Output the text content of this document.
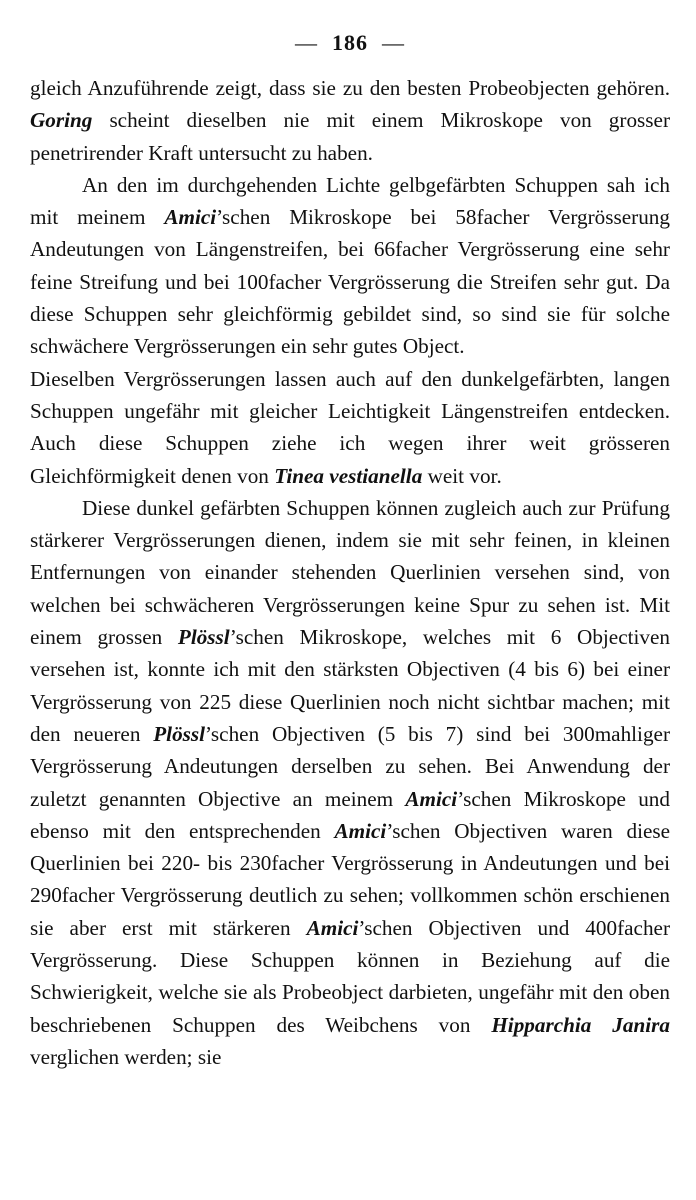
— 186 —

gleich Anzuführende zeigt, dass sie zu den besten Probeobjecten gehören. Goring scheint dieselben nie mit einem Mikroskope von grosser penetrirender Kraft untersucht zu haben.

An den im durchgehenden Lichte gelbgefärbten Schuppen sah ich mit meinem Amici’schen Mikroskope bei 58facher Vergrösserung Andeutungen von Längenstreifen, bei 66facher Vergrösserung eine sehr feine Streifung und bei 100facher Vergrösserung die Streifen sehr gut. Da diese Schuppen sehr gleichförmig gebildet sind, so sind sie für solche schwächere Vergrösserungen ein sehr gutes Object.

Dieselben Vergrösserungen lassen auch auf den dunkelgefärbten, langen Schuppen ungefähr mit gleicher Leichtigkeit Längenstreifen entdecken. Auch diese Schuppen ziehe ich wegen ihrer weit grösseren Gleichförmigkeit denen von Tinea vestianella weit vor.

Diese dunkel gefärbten Schuppen können zugleich auch zur Prüfung stärkerer Vergrösserungen dienen, indem sie mit sehr feinen, in kleinen Entfernungen von einander stehenden Querlinien versehen sind, von welchen bei schwächeren Vergrösserungen keine Spur zu sehen ist. Mit einem grossen Plössl’schen Mikroskope, welches mit 6 Objectiven versehen ist, konnte ich mit den stärksten Objectiven (4 bis 6) bei einer Vergrösserung von 225 diese Querlinien noch nicht sichtbar machen; mit den neueren Plössl’schen Objectiven (5 bis 7) sind bei 300mahliger Vergrösserung Andeutungen derselben zu sehen. Bei Anwendung der zuletzt genannten Objective an meinem Amici’schen Mikroskope und ebenso mit den entsprechenden Amici’schen Objectiven waren diese Querlinien bei 220- bis 230facher Vergrösserung in Andeutungen und bei 290facher Vergrösserung deutlich zu sehen; vollkommen schön erschienen sie aber erst mit stärkeren Amici’schen Objectiven und 400facher Vergrösserung. Diese Schuppen können in Beziehung auf die Schwierigkeit, welche sie als Probeobject darbieten, ungefähr mit den oben beschriebenen Schuppen des Weibchens von Hipparchia Janira verglichen werden; sie
